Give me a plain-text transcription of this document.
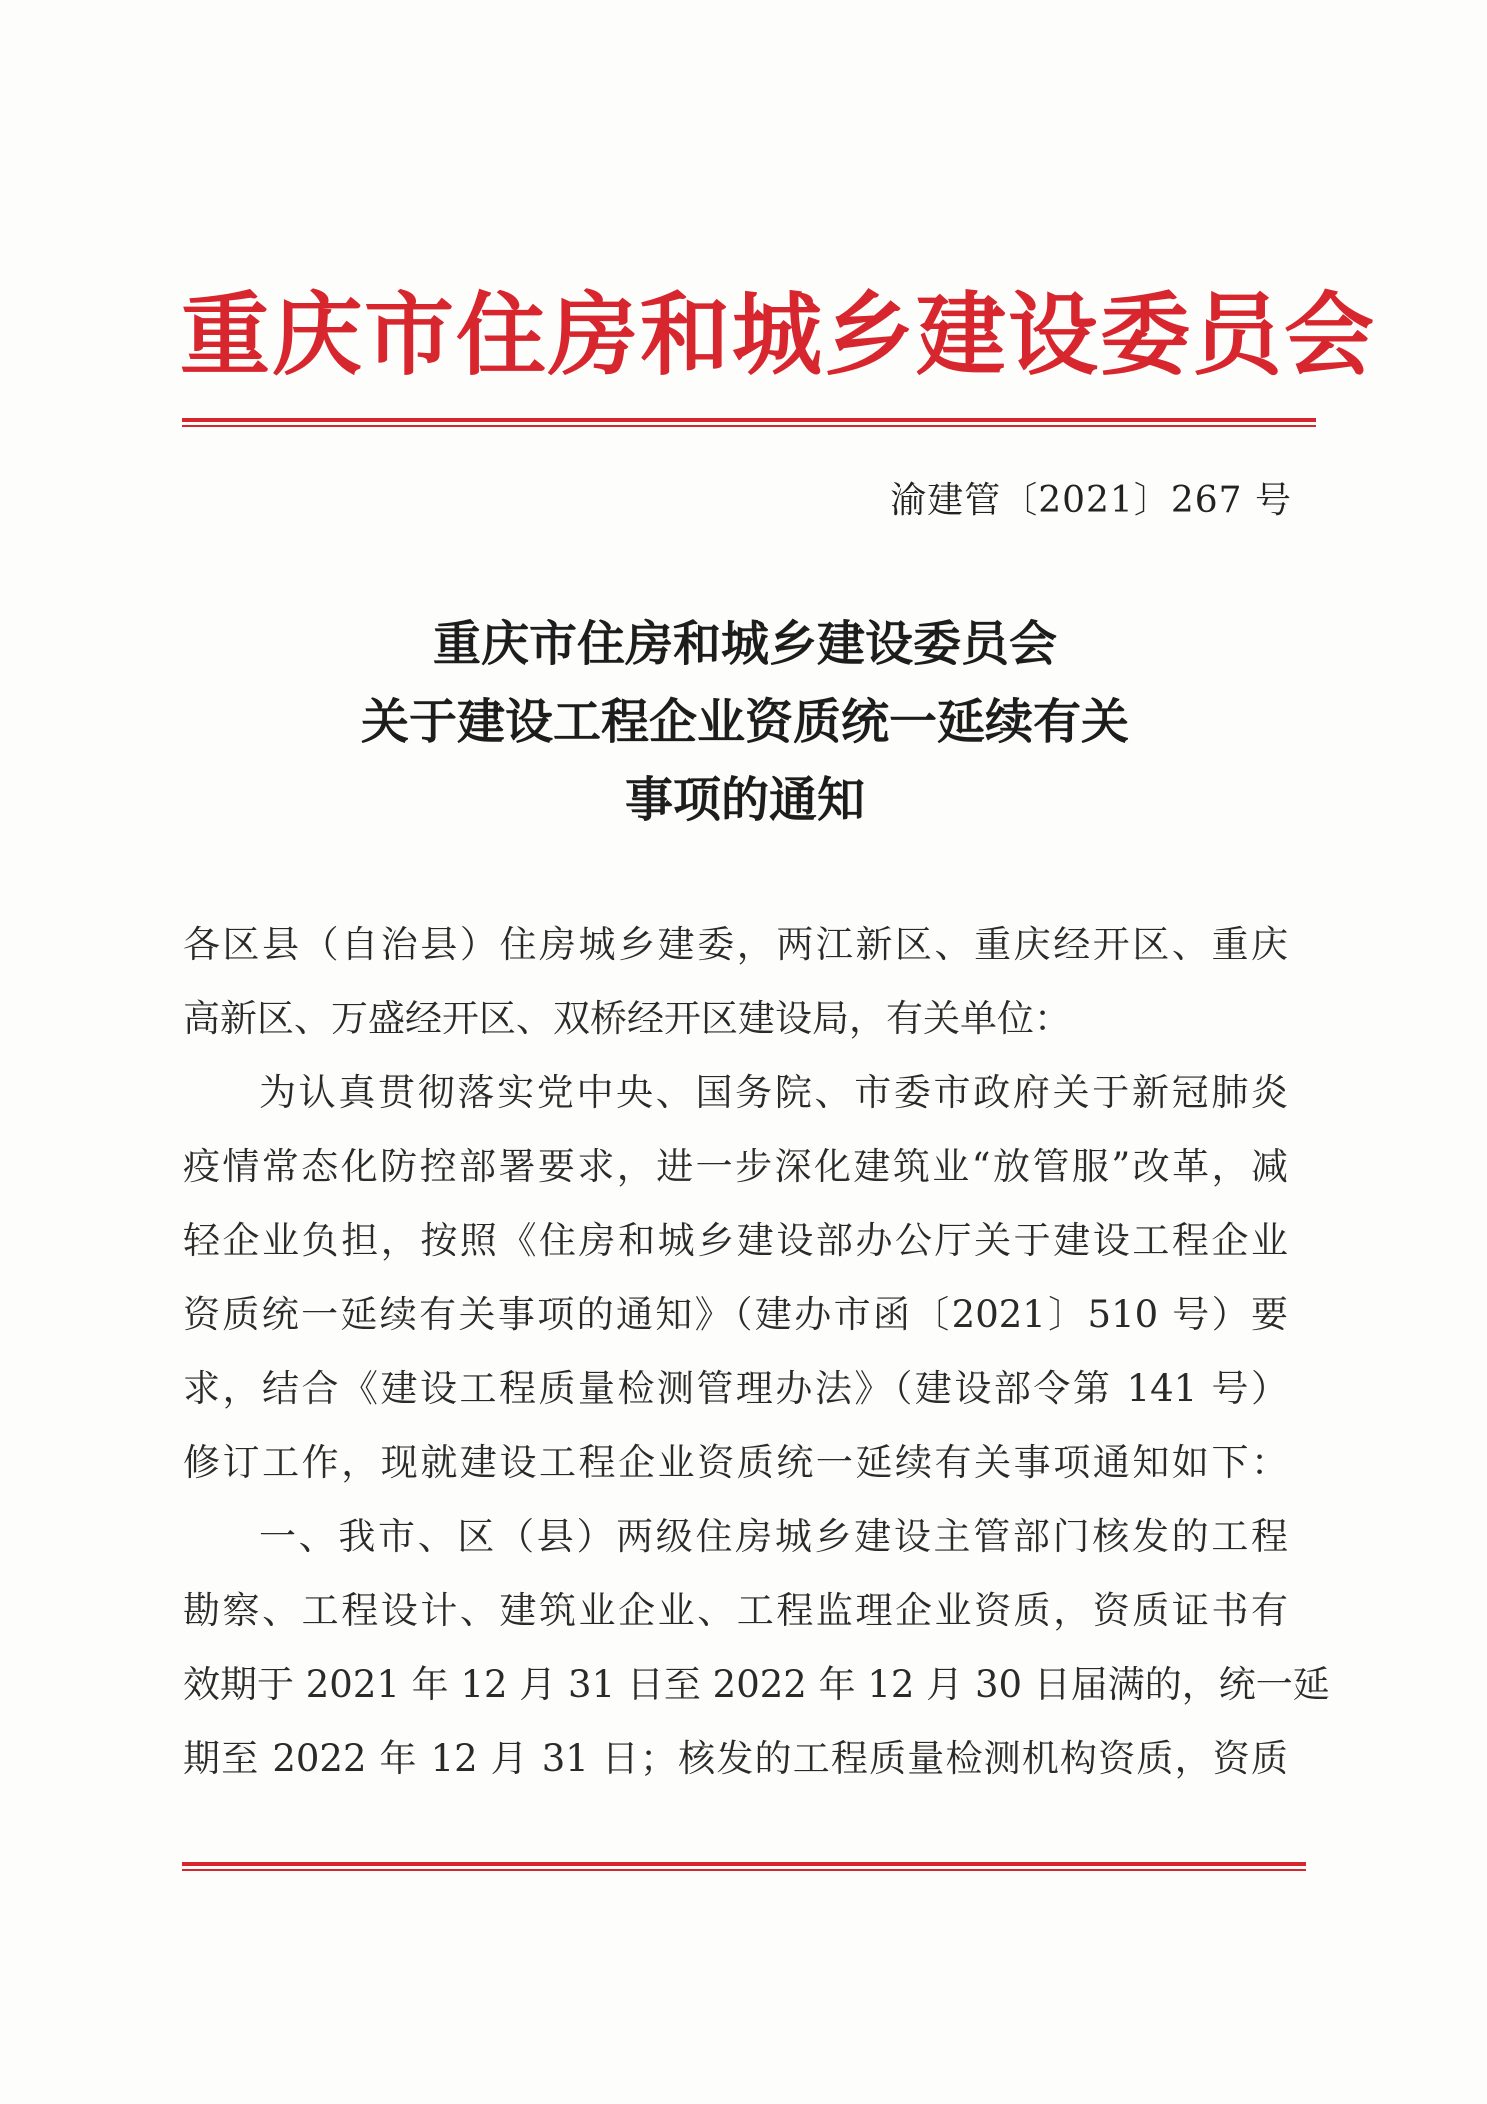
重庆市住房和城乡建设委员会
渝建管〔2021〕267 号
重庆市住房和城乡建设委员会
关于建设工程企业资质统一延续有关
事项的通知
各区县（自治县）住房城乡建委，两江新区、重庆经开区、重庆
高新区、万盛经开区、双桥经开区建设局，有关单位：
为认真贯彻落实党中央、国务院、市委市政府关于新冠肺炎
疫情常态化防控部署要求，进一步深化建筑业“放管服”改革，减
轻企业负担，按照《住房和城乡建设部办公厅关于建设工程企业
资质统一延续有关事项的通知》（建办市函〔2021〕510 号）要
求，结合《建设工程质量检测管理办法》（建设部令第 141 号）
修订工作，现就建设工程企业资质统一延续有关事项通知如下：
一、我市、区（县）两级住房城乡建设主管部门核发的工程
勘察、工程设计、建筑业企业、工程监理企业资质，资质证书有
效期于 2021 年 12 月 31 日至 2022 年 12 月 30 日届满的，统一延
期至 2022 年 12 月 31 日；核发的工程质量检测机构资质，资质
